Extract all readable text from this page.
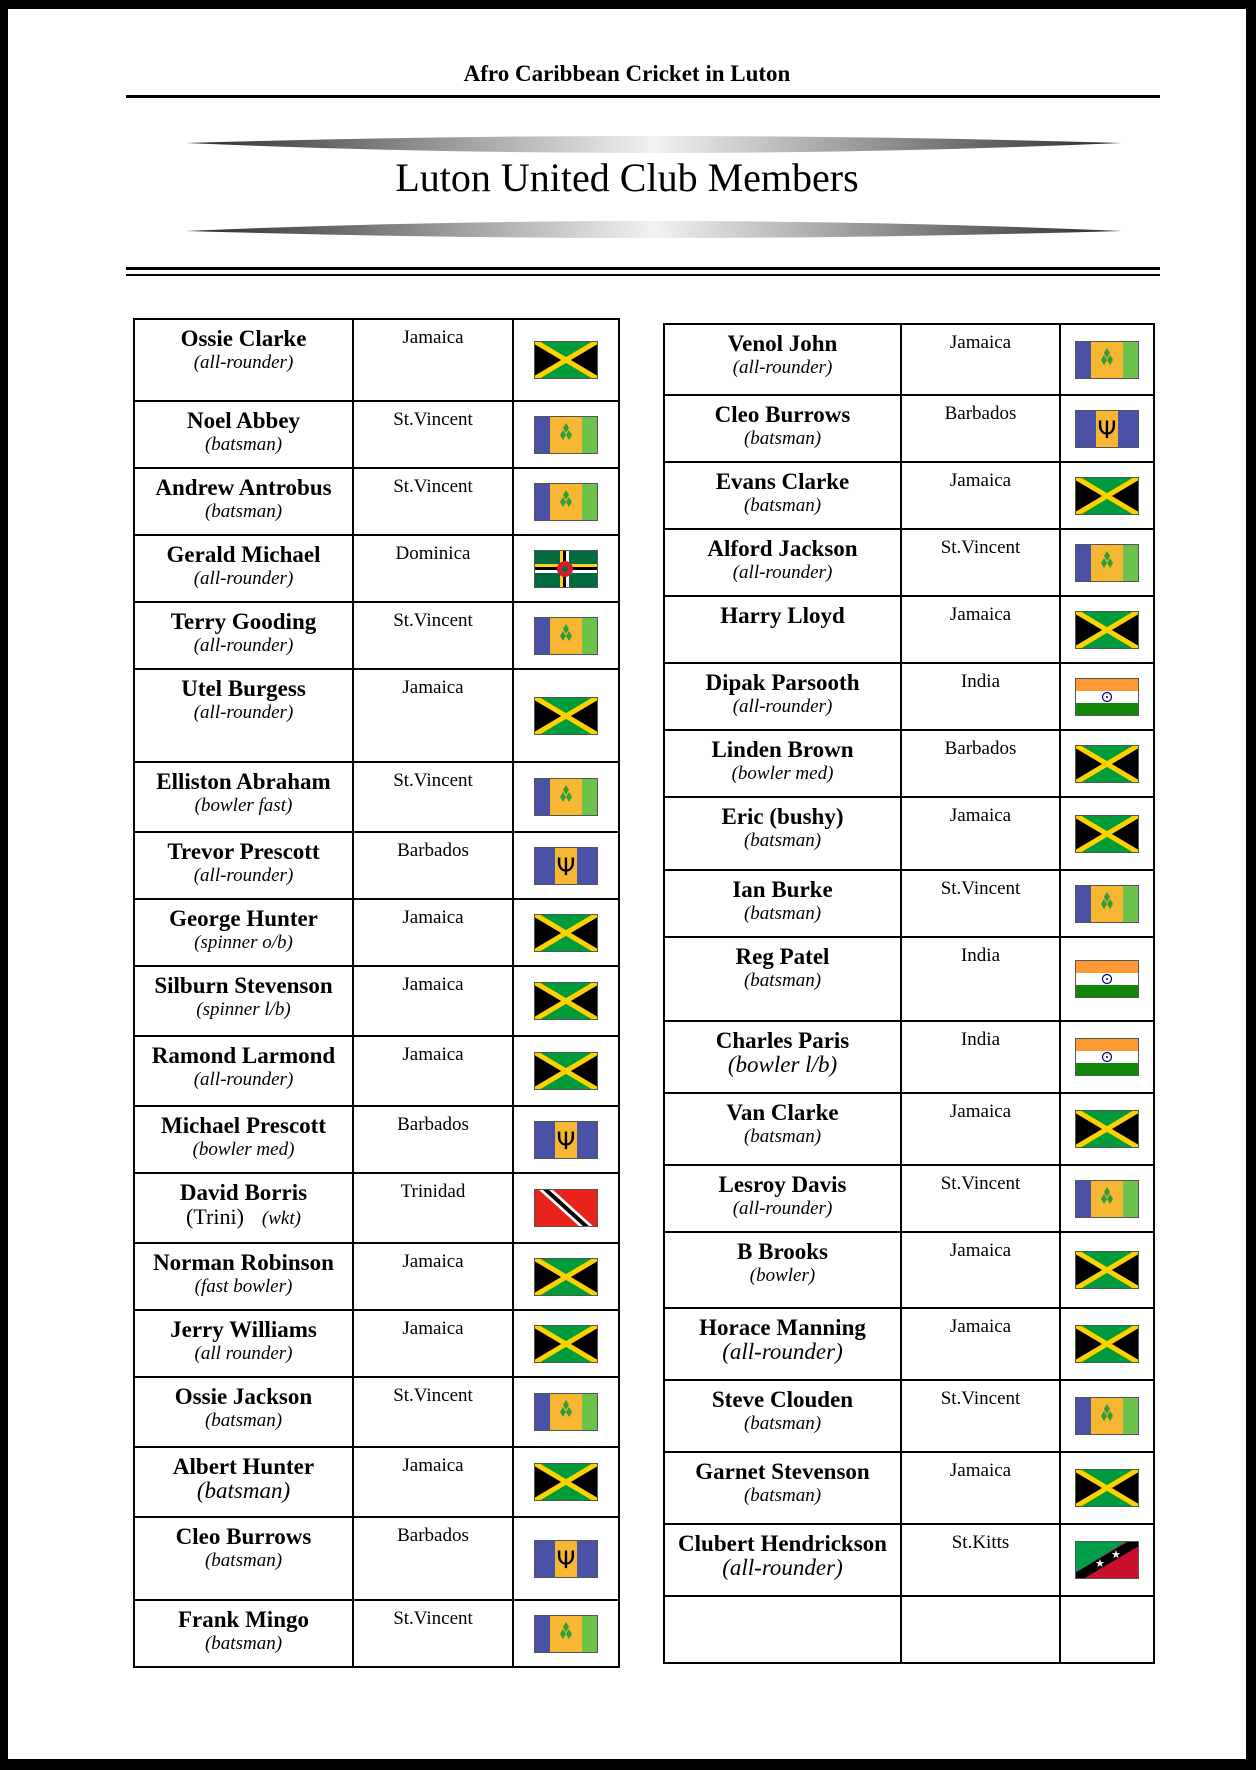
Afro Caribbean Cricket in Luton
Luton United Club Members
Ossie Clarke
(all-rounder)	Jamaica	

Noel Abbey
(batsman)	St.Vincent	

Andrew Antrobus
(batsman)	St.Vincent	

Gerald Michael
(all-rounder)	Dominica	

Terry Gooding
(all-rounder)	St.Vincent	

Utel Burgess
(all-rounder)	Jamaica	

Elliston Abraham
(bowler fast)	St.Vincent	

Trevor Prescott
(all-rounder)	Barbados	Ψ

George Hunter
(spinner o/b)	Jamaica	

Silburn Stevenson
(spinner l/b)	Jamaica	

Ramond Larmond
(all-rounder)	Jamaica	

Michael Prescott
(bowler med)	Barbados	Ψ

David Borris
(Trini) (wkt)	Trinidad	

Norman Robinson
(fast bowler)	Jamaica	

Jerry Williams
(all rounder)	Jamaica	

Ossie Jackson
(batsman)	St.Vincent	

Albert Hunter
(batsman)	Jamaica	

Cleo Burrows
(batsman)	Barbados	Ψ

Frank Mingo
(batsman)	St.Vincent	
Venol John
(all-rounder)	Jamaica	

Cleo Burrows
(batsman)	Barbados	Ψ

Evans Clarke
(batsman)	Jamaica	

Alford Jackson
(all-rounder)	St.Vincent	

Harry Lloyd	Jamaica	

Dipak Parsooth
(all-rounder)	India	

Linden Brown
(bowler med)	Barbados	

Eric (bushy)
(batsman)	Jamaica	

Ian Burke
(batsman)	St.Vincent	

Reg Patel
(batsman)	India	

Charles Paris
(bowler l/b)	India	

Van Clarke
(batsman)	Jamaica	

Lesroy Davis
(all-rounder)	St.Vincent	

B Brooks
(bowler)	Jamaica	

Horace Manning
(all-rounder)	Jamaica	

Steve Clouden
(batsman)	St.Vincent	

Garnet Stevenson
(batsman)	Jamaica	

Clubert Hendrickson
(all-rounder)	St.Kitts	★
★
